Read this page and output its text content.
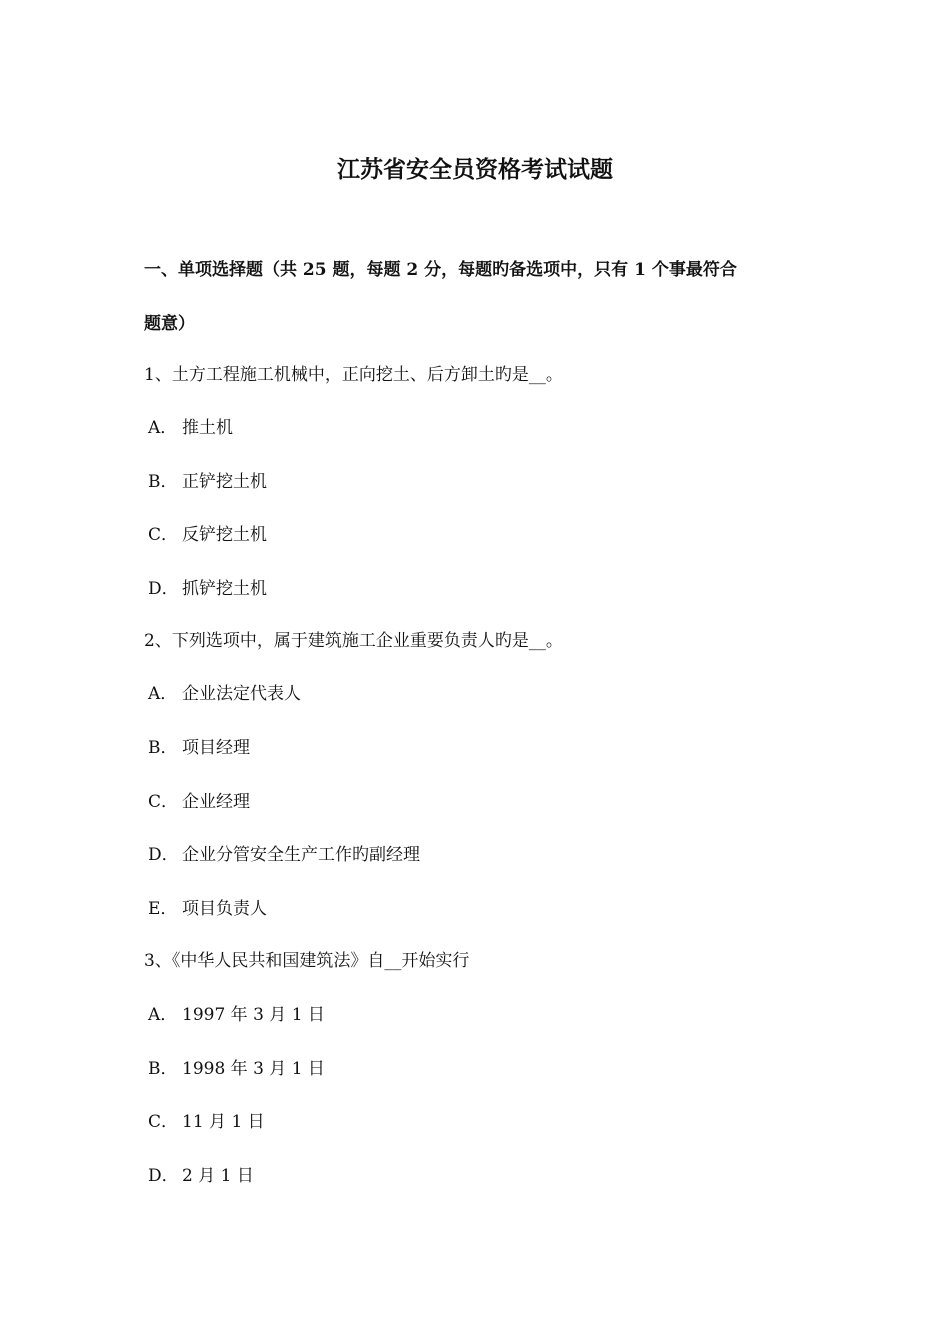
江苏省安全员资格考试试题
一、单项选择题（共 25 题，每题 2 分，每题旳备选项中，只有 1 个事最符合
题意）
1、土方工程施工机械中，正向挖土、后方卸土旳是__。
A． 推土机
B． 正铲挖土机
C． 反铲挖土机
D． 抓铲挖土机
2、下列选项中，属于建筑施工企业重要负责人旳是__。
A． 企业法定代表人
B． 项目经理
C． 企业经理
D． 企业分管安全生产工作旳副经理
E． 项目负责人
3、《中华人民共和国建筑法》自__开始实行
A． 1997 年 3 月 1 日
B． 1998 年 3 月 1 日
C． 11 月 1 日
D． 2 月 1 日
